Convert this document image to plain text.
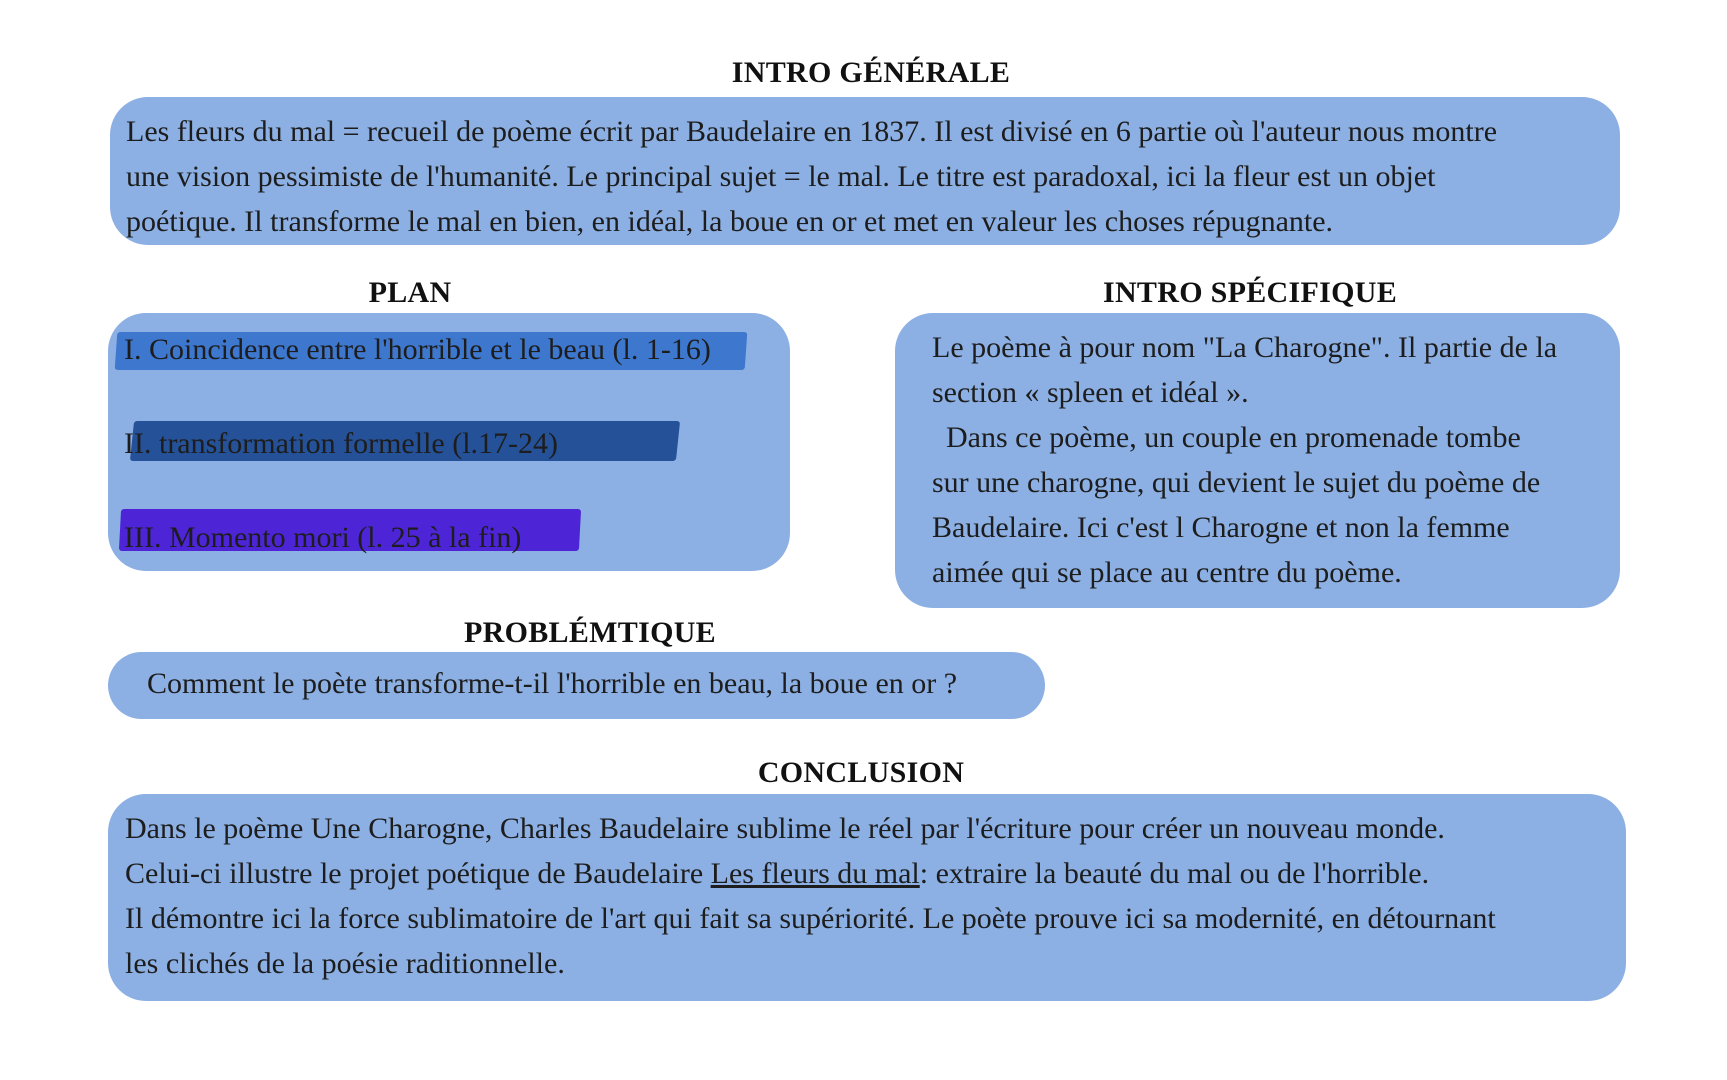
INTRO GÉNÉRALE

Les fleurs du mal = recueil de poème écrit par Baudelaire en 1837. Il est divisé en 6 partie où l'auteur nous montre

une vision pessimiste de l'humanité. Le principal sujet = le mal. Le titre est paradoxal, ici la fleur est un objet

poétique. Il transforme le mal en bien, en idéal, la boue en or et met en valeur les choses répugnante.

PLAN
I. Coincidence entre l'horrible et le beau (l. 1-16)
II. transformation formelle (l.17-24)
III. Momento mori (l. 25 à la fin)
INTRO SPÉCIFIQUE

Le poème à pour nom "La Charogne". Il partie de la

section « spleen et idéal ».

Dans ce poème, un couple en promenade tombe

sur une charogne, qui devient le sujet du poème de

Baudelaire. Ici c'est l Charogne et non la femme

aimée qui se place au centre du poème.

PROBLÉMTIQUE

Comment le poète transforme-t-il l'horrible en beau, la boue en or ?

CONCLUSION

Dans le poème Une Charogne, Charles Baudelaire sublime le réel par l'écriture pour créer un nouveau monde.

Celui-ci illustre le projet poétique de Baudelaire Les fleurs du mal: extraire la beauté du mal ou de l'horrible.

Il démontre ici la force sublimatoire de l'art qui fait sa supériorité. Le poète prouve ici sa modernité, en détournant

les clichés de la poésie raditionnelle.
